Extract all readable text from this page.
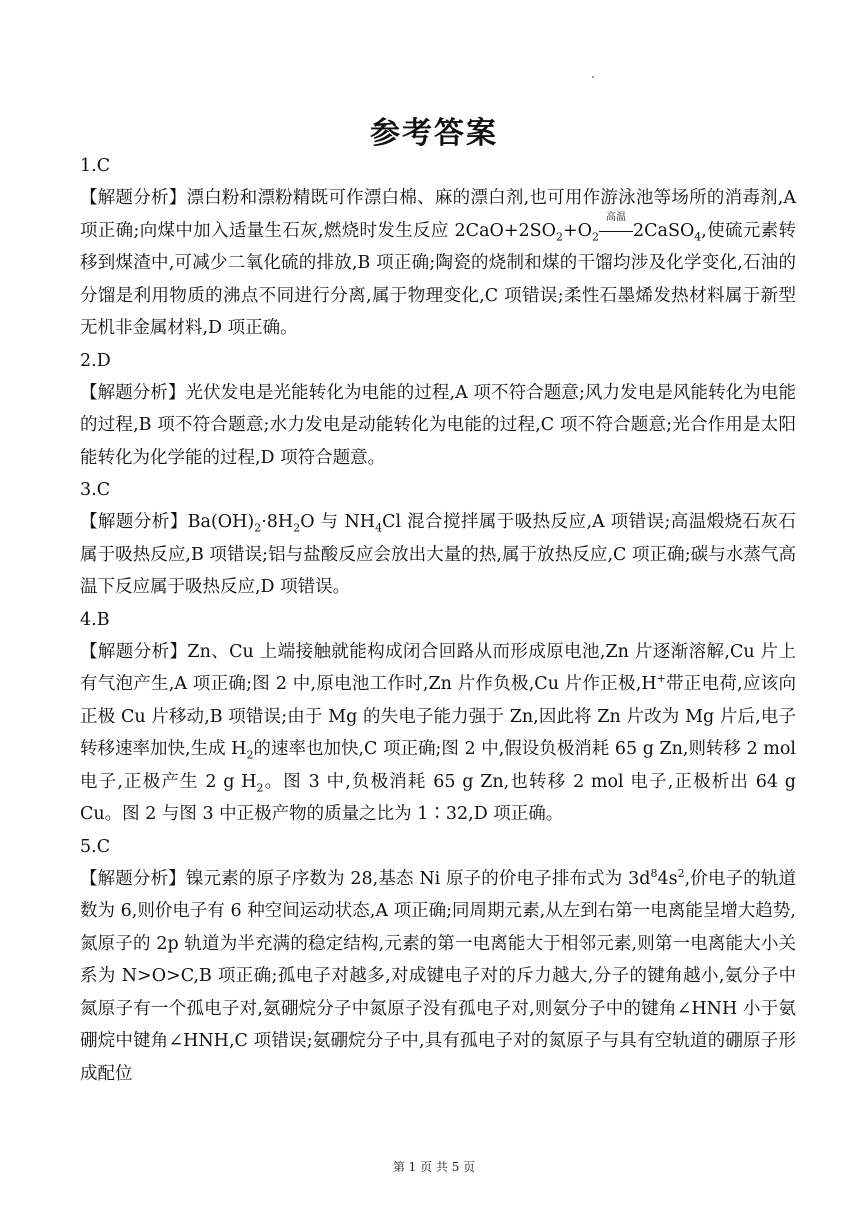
参考答案

1.C

【解题分析】漂白粉和漂粉精既可作漂白棉、麻的漂白剂,也可用作游泳池等场所的消毒剂,A 项正确;向煤中加入适量生石灰,燃烧时发生反应 $2CaO+2SO_2+O_2$
高温
2CaSO$_4$,使硫元素转移到煤渣中,可减少二氧化硫的排放,B 项正确;陶瓷的烧制和煤的干馏均涉及化学变化,石油的分馏是利用物质的沸点不同进行分离,属于物理变化,C 项错误;柔性石墨烯发热材料属于新型无机非金属材料,D 项正确。

2.D

【解题分析】光伏发电是光能转化为电能的过程,A 项不符合题意;风力发电是风能转化为电能的过程,B 项不符合题意;水力发电是动能转化为电能的过程,C 项不符合题意;光合作用是太阳能转化为化学能的过程,D 项符合题意。

3.C

【解题分析】$Ba(OH)_2\cdot 8H_2O$ 与 $NH_4Cl$ 混合搅拌属于吸热反应,A 项错误;高温煅烧石灰石属于吸热反应,B 项错误;铝与盐酸反应会放出大量的热,属于放热反应,C 项正确;碳与水蒸气高温下反应属于吸热反应,D 项错误。

4.B

【解题分析】Zn、Cu 上端接触就能构成闭合回路从而形成原电池,Zn 片逐渐溶解,Cu 片上有气泡产生,A 项正确;图 2 中,原电池工作时,Zn 片作负极,Cu 片作正极,H+带正电荷,应该向正极 Cu 片移动,B 项错误;由于 Mg 的失电子能力强于 Zn,因此将 Zn 片改为 Mg 片后,电子转移速率加快,生成 $H_2$的速率也加快,C 项正确;图 2 中,假设负极消耗 65 g Zn,则转移 2 mol 电子,正极产生 2 g $H_2$。图 3 中,负极消耗 65 g Zn,也转移 2 mol 电子,正极析出 64 g Cu。图 2 与图 3 中正极产物的质量之比为 1∶32,D 项正确。

5.C

【解题分析】镍元素的原子序数为 28,基态 Ni 原子的价电子排布式为 $3d^84s^2$,价电子的轨道数为 6,则价电子有 6 种空间运动状态,A 项正确;同周期元素,从左到右第一电离能呈增大趋势,氮原子的 2p 轨道为半充满的稳定结构,元素的第一电离能大于相邻元素,则第一电离能大小关系为 N>O>C,B 项正确;孤电子对越多,对成键电子对的斥力越大,分子的键角越小,氨分子中氮原子有一个孤电子对,氨硼烷分子中氮原子没有孤电子对,则氨分子中的键角∠HNH 小于氨硼烷中键角∠HNH,C 项错误;氨硼烷分子中,具有孤电子对的氮原子与具有空轨道的硼原子形成配位

第 1 页 共 5 页
